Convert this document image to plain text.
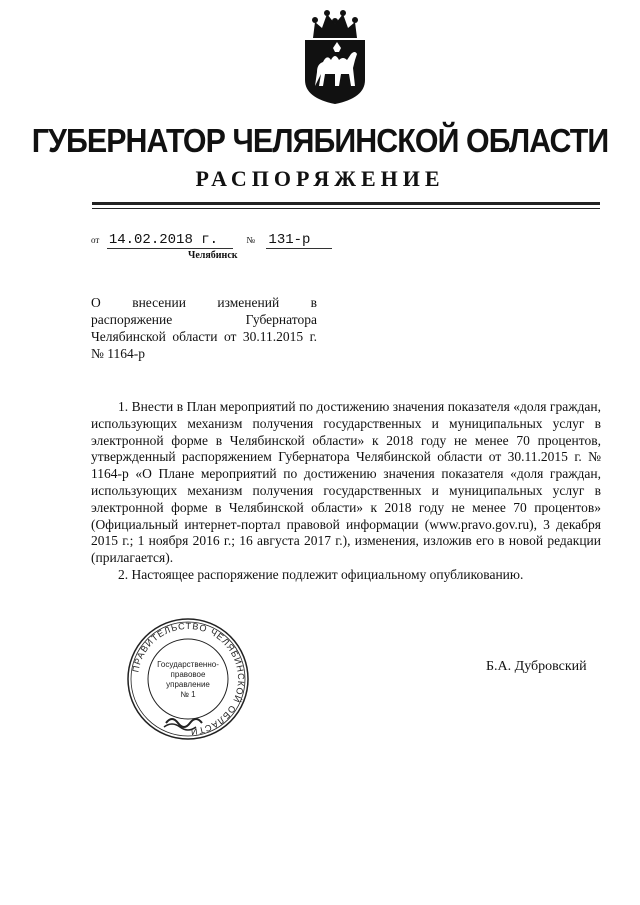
ГУБЕРНАТОР ЧЕЛЯБИНСКОЙ ОБЛАСТИ
РАСПОРЯЖЕНИЕ
от 14.02.2018 г.	№ 131-р
Челябинск
О внесении изменений в распоряжение Губернатора Челябинской области от 30.11.2015 г. № 1164-р

1. Внести в План мероприятий по достижению значения показателя «доля граждан, использующих механизм получения государственных и муниципальных услуг в электронной форме в Челябинской области» к 2018 году не менее 70 процентов, утвержденный распоряжением Губернатора Челябинской области от 30.11.2015 г. № 1164-р «О Плане мероприятий по достижению значения показателя «доля граждан, использующих механизм получения государственных и муниципальных услуг в электронной форме в Челябинской области» к 2018 году не менее 70 процентов» (Официальный интернет-портал правовой информации (www.pravo.gov.ru), 3 декабря 2015 г.; 1 ноября 2016 г.; 16 августа 2017 г.), изменения, изложив его в новой редакции (прилагается).

2. Настоящее распоряжение подлежит официальному опубликованию.

ПРАВИТЕЛЬСТВО ЧЕЛЯБИНСКОЙ ОБЛАСТИ
Государственно-
правовое
управление
№ 1
Б.А. Дубровский
